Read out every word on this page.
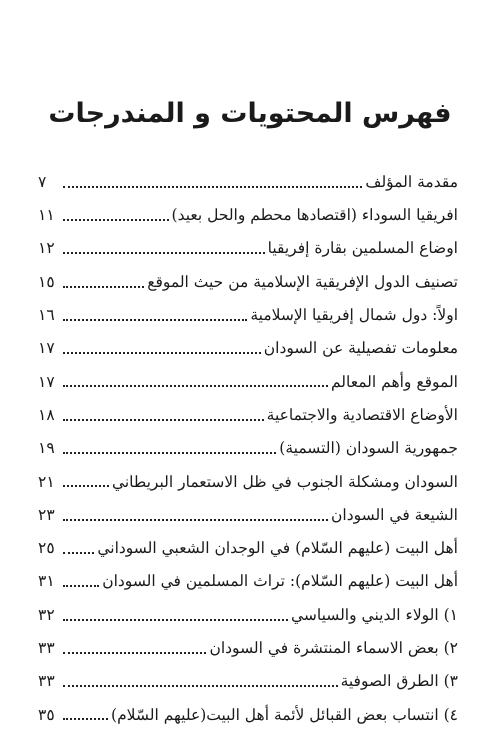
فهرس المحتويات و المندرجات
مقدمة المؤلف
٧
افريقيا السوداء (اقتصادها محطم والحل بعيد)
١١
اوضاع المسلمين بقارة إفريقيا
١٢
تصنيف الدول الإفريقية الإسلامية من حيث الموقع
١٥
اولاً: دول شمال إفريقيا الإسلامية
١٦
معلومات تفصيلية عن السودان
١٧
الموقع وأهم المعالم
١٧
الأوضاع الاقتصادية والاجتماعية
١٨
جمهورية السودان (التسمية)
١٩
السودان ومشكلة الجنوب في ظل الاستعمار البريطاني
٢١
الشيعة في السودان
٢٣
أهل البيت (عليهم السّلام) في الوجدان الشعبي السوداني
٢٥
أهل البيت (عليهم السّلام): تراث المسلمين في السودان
٣١
١) الولاء الديني والسياسي
٣٢
٢) بعض الاسماء المنتشرة في السودان
٣٣
٣) الطرق الصوفية
٣٣
٤) انتساب بعض القبائل لأئمة أهل البيت(عليهم السّلام)
٣٥
